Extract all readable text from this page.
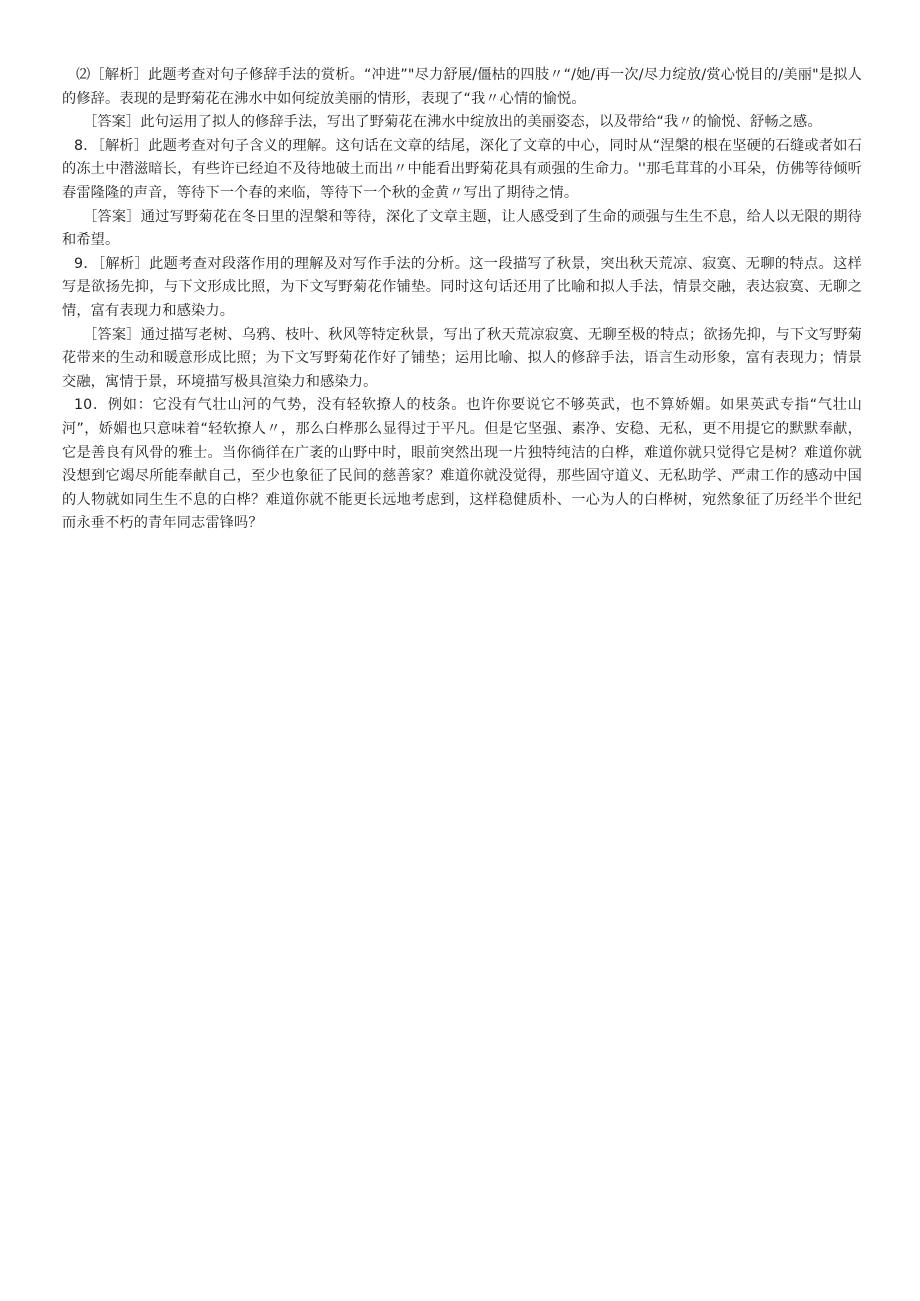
⑵［解析］此题考查对句子修辞手法的赏析。“冲进”"尽力舒展/僵枯的四肢〃“/她/再一次/尽力绽放/赏心悦目的/美丽"是拟人的修辞。表现的是野菊花在沸水中如何绽放美丽的情形，表现了“我〃心情的愉悦。

［答案］此句运用了拟人的修辞手法，写出了野菊花在沸水中绽放出的美丽姿态，以及带给“我〃的愉悦、舒畅之感。

8．［解析］此题考查对句子含义的理解。这句话在文章的结尾，深化了文章的中心，同时从“涅槃的根在坚硬的石缝或者如石的冻土中潜滋暗长，有些许已经迫不及待地破土而出〃中能看出野菊花具有顽强的生命力。''那毛茸茸的小耳朵，仿佛等待倾听春雷隆隆的声音，等待下一个春的来临，等待下一个秋的金黄〃写出了期待之情。

［答案］通过写野菊花在冬日里的涅槃和等待，深化了文章主题，让人感受到了生命的顽强与生生不息，给人以无限的期待和希望。

9．［解析］此题考查对段落作用的理解及对写作手法的分析。这一段描写了秋景，突出秋天荒凉、寂寞、无聊的特点。这样写是欲扬先抑，与下文形成比照，为下文写野菊花作铺垫。同时这句话还用了比喻和拟人手法，情景交融，表达寂寞、无聊之情，富有表现力和感染力。

［答案］通过描写老树、乌鸦、枝叶、秋风等特定秋景，写出了秋天荒凉寂寞、无聊至极的特点；欲扬先抑，与下文写野菊花带来的生动和暖意形成比照；为下文写野菊花作好了铺垫；运用比喻、拟人的修辞手法，语言生动形象，富有表现力；情景交融，寓情于景，环境描写极具渲染力和感染力。

10．例如：它没有气壮山河的气势，没有轻软撩人的枝条。也许你要说它不够英武，也不算娇媚。如果英武专指“气壮山河”，娇媚也只意味着“轻软撩人〃，那么白桦那么显得过于平凡。但是它坚强、素净、安稳、无私，更不用提它的默默奉献，它是善良有风骨的雅士。当你徜徉在广袤的山野中时，眼前突然出现一片独特纯洁的白桦，难道你就只觉得它是树？难道你就没想到它竭尽所能奉献自己，至少也象征了民间的慈善家？难道你就没觉得，那些固守道义、无私助学、严肃工作的感动中国的人物就如同生生不息的白桦？难道你就不能更长远地考虑到，这样稳健质朴、一心为人的白桦树，宛然象征了历经半个世纪而永垂不朽的青年同志雷锋吗？
